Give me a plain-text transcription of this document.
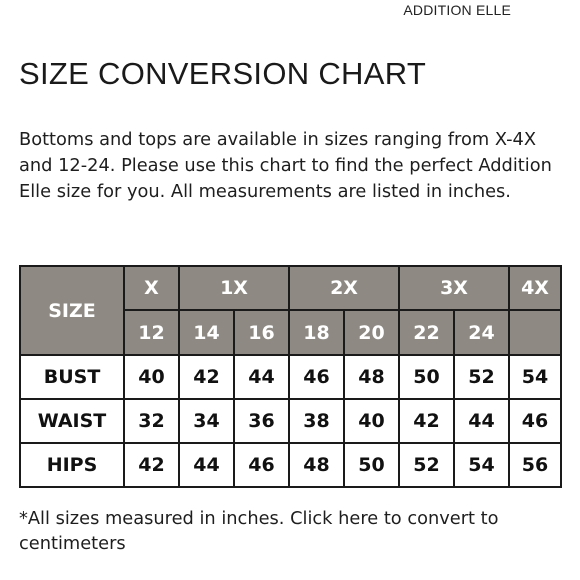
ADDITION ELLE
SIZE CONVERSION CHART

Bottoms and tops are available in sizes ranging from X-4X and 12-24. Please use this chart to find the perfect Addition Elle size for you. All measurements are listed in inches.

SIZE	X	1X		2X		3X		4X
	12	14	16	18	20	22	24	
BUST	40	42	44	46	48	50	52	54
WAIST	32	34	36	38	40	42	44	46
HIPS	42	44	46	48	50	52	54	56

*All sizes measured in inches. Click here to convert to centimeters
